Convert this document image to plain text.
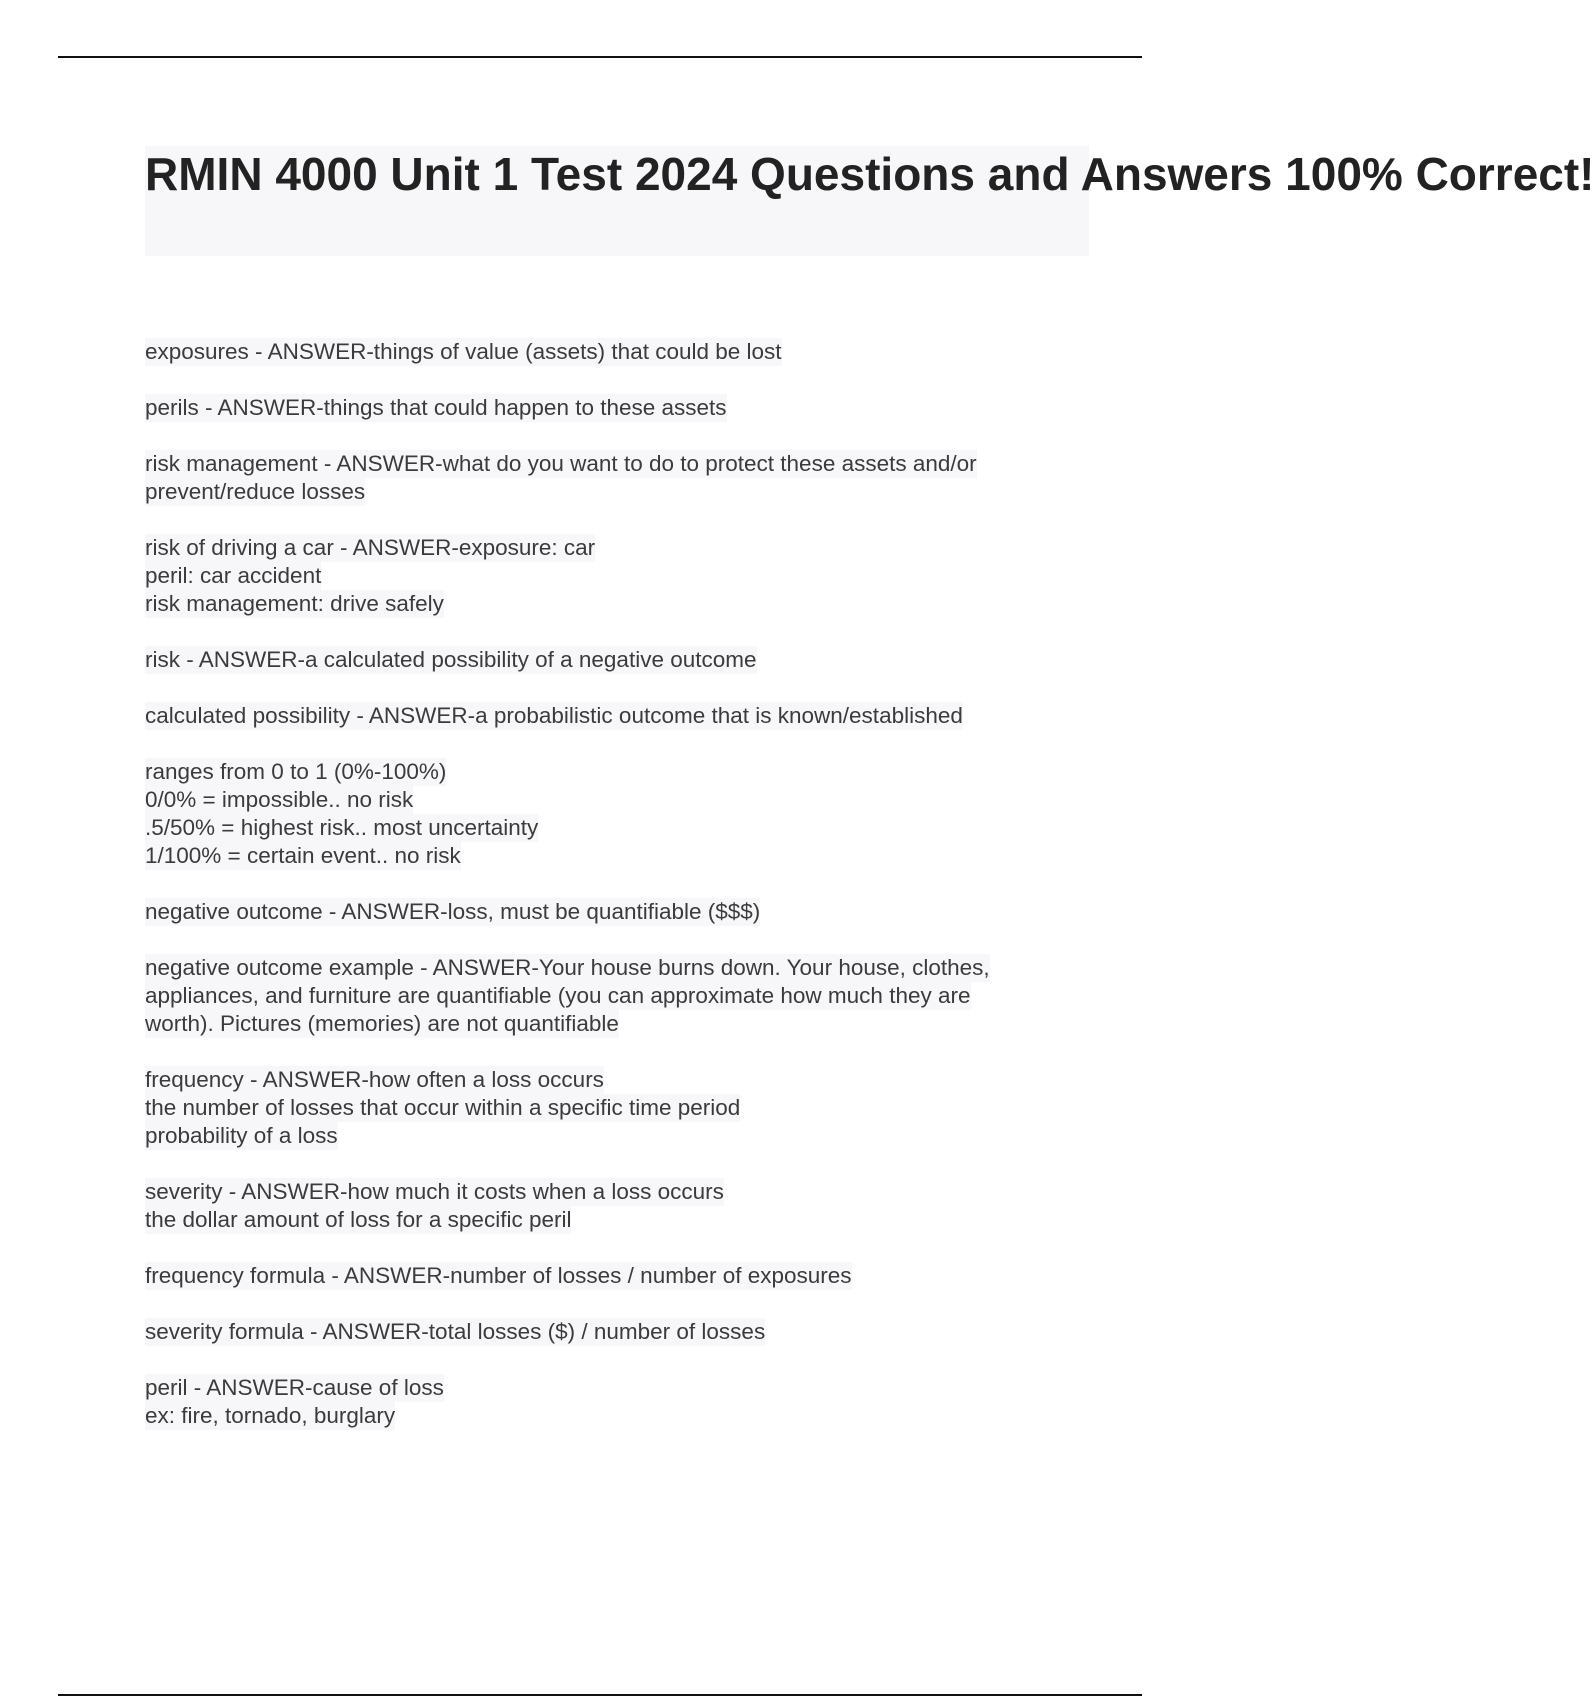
RMIN 4000 Unit 1 Test 2024 Questions and Answers 100% Correct!
exposures - ANSWER-things of value (assets) that could be lost
perils - ANSWER-things that could happen to these assets
risk management - ANSWER-what do you want to do to protect these assets and/or
prevent/reduce losses
risk of driving a car - ANSWER-exposure: car
peril: car accident
risk management: drive safely
risk - ANSWER-a calculated possibility of a negative outcome
calculated possibility - ANSWER-a probabilistic outcome that is known/established
ranges from 0 to 1 (0%-100%)
0/0% = impossible.. no risk
.5/50% = highest risk.. most uncertainty
1/100% = certain event.. no risk
negative outcome - ANSWER-loss, must be quantifiable ($$$)
negative outcome example - ANSWER-Your house burns down. Your house, clothes,
appliances, and furniture are quantifiable (you can approximate how much they are
worth). Pictures (memories) are not quantifiable
frequency - ANSWER-how often a loss occurs
the number of losses that occur within a specific time period
probability of a loss
severity - ANSWER-how much it costs when a loss occurs
the dollar amount of loss for a specific peril
frequency formula - ANSWER-number of losses / number of exposures
severity formula - ANSWER-total losses ($) / number of losses
peril - ANSWER-cause of loss
ex: fire, tornado, burglary
